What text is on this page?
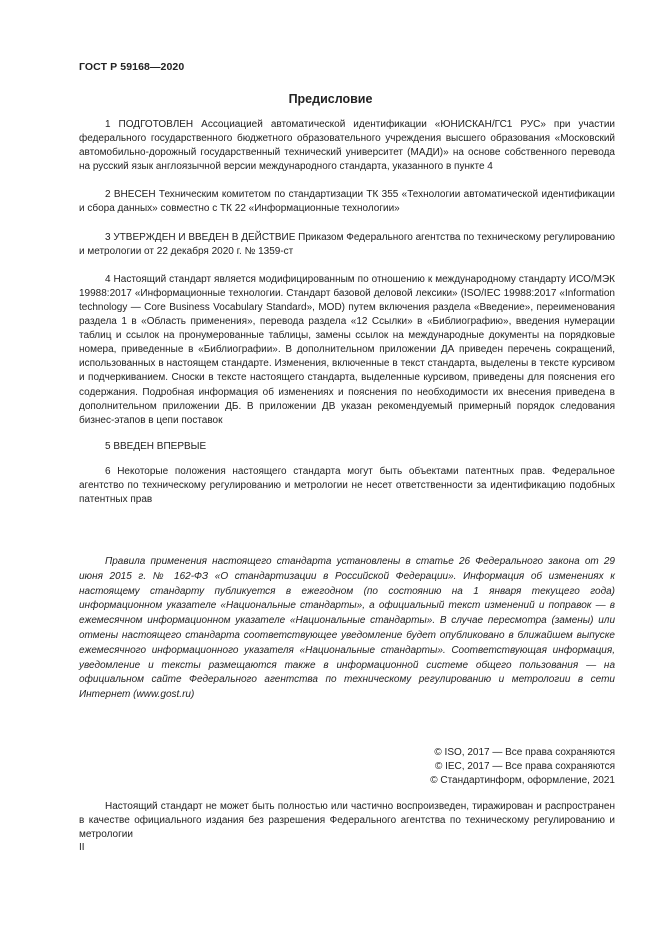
ГОСТ Р 59168—2020
Предисловие

1 ПОДГОТОВЛЕН Ассоциацией автоматической идентификации «ЮНИСКАН/ГС1 РУС» при участии федерального государственного бюджетного образовательного учреждения высшего образования «Московский автомобильно-дорожный государственный технический университет (МАДИ)» на основе собственного перевода на русский язык англоязычной версии международного стандарта, указанного в пункте 4

2 ВНЕСЕН Техническим комитетом по стандартизации ТК 355 «Технологии автоматической идентификации и сбора данных» совместно с ТК 22 «Информационные технологии»

3 УТВЕРЖДЕН И ВВЕДЕН В ДЕЙСТВИЕ Приказом Федерального агентства по техническому регулированию и метрологии от 22 декабря 2020 г. № 1359-ст

4 Настоящий стандарт является модифицированным по отношению к международному стандарту ИСО/МЭК 19988:2017 «Информационные технологии. Стандарт базовой деловой лексики» (ISO/IEC 19988:2017 «Information technology — Core Business Vocabulary Standard», MOD) путем включения раздела «Введение», переименования раздела 1 в «Область применения», перевода раздела «12 Ссылки» в «Библиографию», введения нумерации таблиц и ссылок на пронумерованные таблицы, замены ссылок на международные документы на порядковые номера, приведенные в «Библиографии». В дополнительном приложении ДА приведен перечень сокращений, использованных в настоящем стандарте. Изменения, включенные в текст стандарта, выделены в тексте курсивом и подчеркиванием. Сноски в тексте настоящего стандарта, выделенные курсивом, приведены для пояснения его содержания. Подробная информация об изменениях и пояснения по необходимости их внесения приведена в дополнительном приложении ДБ. В приложении ДВ указан рекомендуемый примерный порядок следования бизнес-этапов в цепи поставок

5 ВВЕДЕН ВПЕРВЫЕ

6 Некоторые положения настоящего стандарта могут быть объектами патентных прав. Федеральное агентство по техническому регулированию и метрологии не несет ответственности за идентификацию подобных патентных прав

Правила применения настоящего стандарта установлены в статье 26 Федерального закона от 29 июня 2015 г. № 162-ФЗ «О стандартизации в Российской Федерации». Информация об изменениях к настоящему стандарту публикуется в ежегодном (по состоянию на 1 января текущего года) информационном указателе «Национальные стандарты», а официальный текст изменений и поправок — в ежемесячном информационном указателе «Национальные стандарты». В случае пересмотра (замены) или отмены настоящего стандарта соответствующее уведомление будет опубликовано в ближайшем выпуске ежемесячного информационного указателя «Национальные стандарты». Соответствующая информация, уведомление и тексты размещаются также в информационной системе общего пользования — на официальном сайте Федерального агентства по техническому регулированию и метрологии в сети Интернет (www.gost.ru)

© ISO, 2017 — Все права сохраняются
© IEC, 2017 — Все права сохраняются
© Стандартинформ, оформление, 2021

Настоящий стандарт не может быть полностью или частично воспроизведен, тиражирован и распространен в качестве официального издания без разрешения Федерального агентства по техническому регулированию и метрологии

II
